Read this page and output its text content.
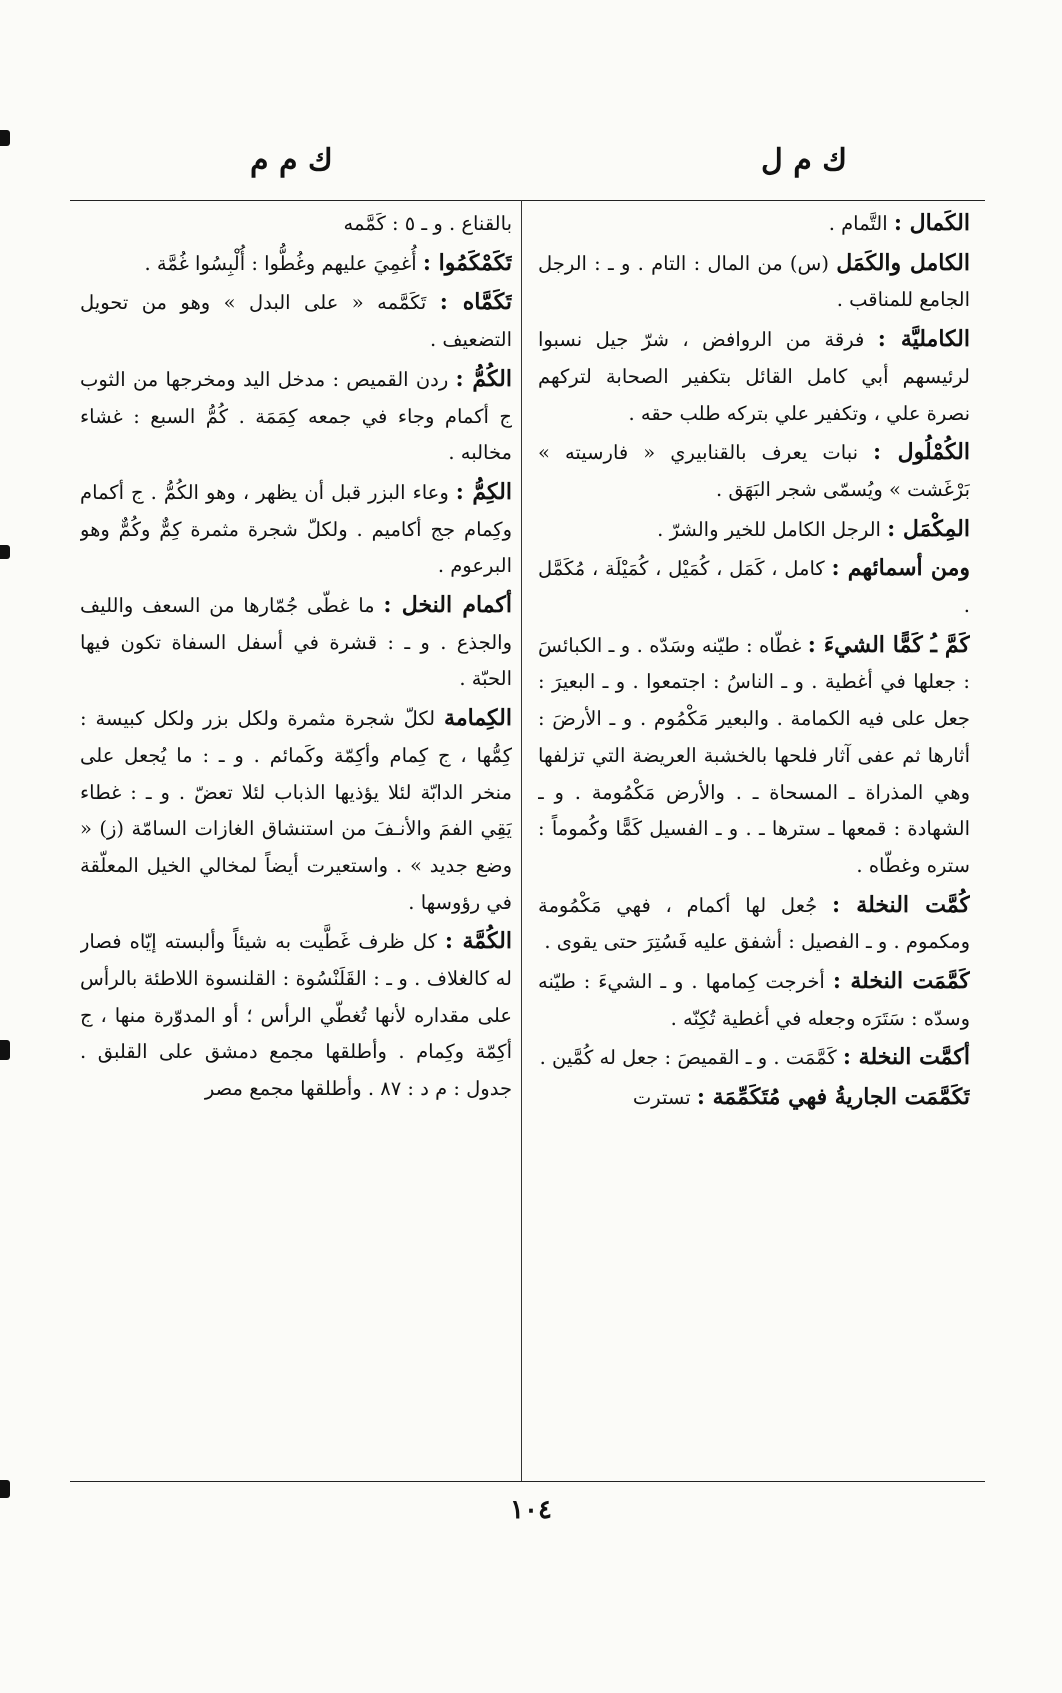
ك م ل
ك م م

الكَمال : التَّمام .

الكامل والكَمَل (س) من المال : التام . و ـ : الرجل الجامع للمناقب .

الكامليَّة : فرقة من الروافض ، شرّ جيل نسبوا لرئيسهم أبي كامل القائل بتكفير الصحابة لتركهم نصرة علي ، وتكفير علي بتركه طلب حقه .

الكُمْلُول : نبات يعرف بالقنابيري « فارسيته » بَرْغَشت » ويُسمّى شجر البَهَق .

المِكْمَل : الرجل الكامل للخير والشرّ .

ومن أسمائهم : كامل ، كَمَل ، كُمَيْل ، كُمَيْلَة ، مُكَمَّل .

كَمَّ ـُ كَمًّا الشيءَ : غطّاه : طيّنه وسَدّه . و ـ الكبائسَ : جعلها في أغطية . و ـ الناسُ : اجتمعوا . و ـ البعيرَ : جعل على فيه الكمامة . والبعير مَكْمُوم . و ـ الأرضَ : أثارها ثم عفى آثار فلحها بالخشبة العريضة التي تزلفها وهي المذراة ـ المسحاة ـ . والأرض مَكْمُومة . و ـ الشهادة : قمعها ـ سترها ـ . و ـ الفسيل كَمًّا وكُموماً : ستره وغطّاه .

كُمَّت النخلة : جُعل لها أكمام ، فهي مَكْمُومة ومكموم . و ـ الفصيل : أشفق عليه فَسُتِرَ حتى يقوى .

كَمَّمَت النخلة : أخرجت كِمامها . و ـ الشيءَ : طيّنه وسدّه : سَتَرَه وجعله في أغطية تُكِنّه .

أكمَّت النخلة : كَمَّمَت . و ـ القميصَ : جعل له كُمَّين .

تَكَمَّمَت الجاريةُ فهي مُتَكَمِّمَة : تسترت

بالقناع . و ـ ٥ : كَمَّمه

تَكَمْكَمُوا : أُغمِيَ عليهم وغُطُّوا : أُلْبِسُوا غُمَّة .

تَكَمَّاه : تَكَمَّمه « على البدل » وهو من تحويل التضعيف .

الكُمُّ : ردن القميص : مدخل اليد ومخرجها من الثوب ج أكمام وجاء في جمعه كِمَمَة . كُمُّ السبع : غشاء مخالبه .

الكِمُّ : وعاء البزر قبل أن يظهر ، وهو الكُمُّ . ج أكمام وكِمام جج أكاميم . ولكلّ شجرة مثمرة كِمٌّ وكُمٌّ وهو البرعوم .

أكمام النخل : ما غطّى جُمّارها من السعف والليف والجذع . و ـ : قشرة في أسفل السفاة تكون فيها الحبّة .

الكِمامة لكلّ شجرة مثمرة ولكل بزر ولكل كبيسة : كِمُّها ، ج كِمام وأكِمّة وكَمائم . و ـ : ما يُجعل على منخر الدابّة لئلا يؤذيها الذباب لئلا تعضّ . و ـ : غطاء يَقِي الفمَ والأنـفَ من استنشاق الغازات السامّة (ز) « وضع جديد » . واستعيرت أيضاً لمخالي الخيل المعلّقة في رؤوسها .

الكُمَّة : كل ظرف غَطَّيت به شيئاً وألبسته إيّاه فصار له كالغلاف . و ـ : القَلَنْسُوة : القلنسوة اللاطئة بالرأس على مقداره لأنها تُغطّي الرأس ؛ أو المدوّرة منها ، ج أكِمّة وكِمام . وأطلقها مجمع دمشق على القلبق . جدول : م د : ٨٧ . وأطلقها مجمع مصر

١٠٤
